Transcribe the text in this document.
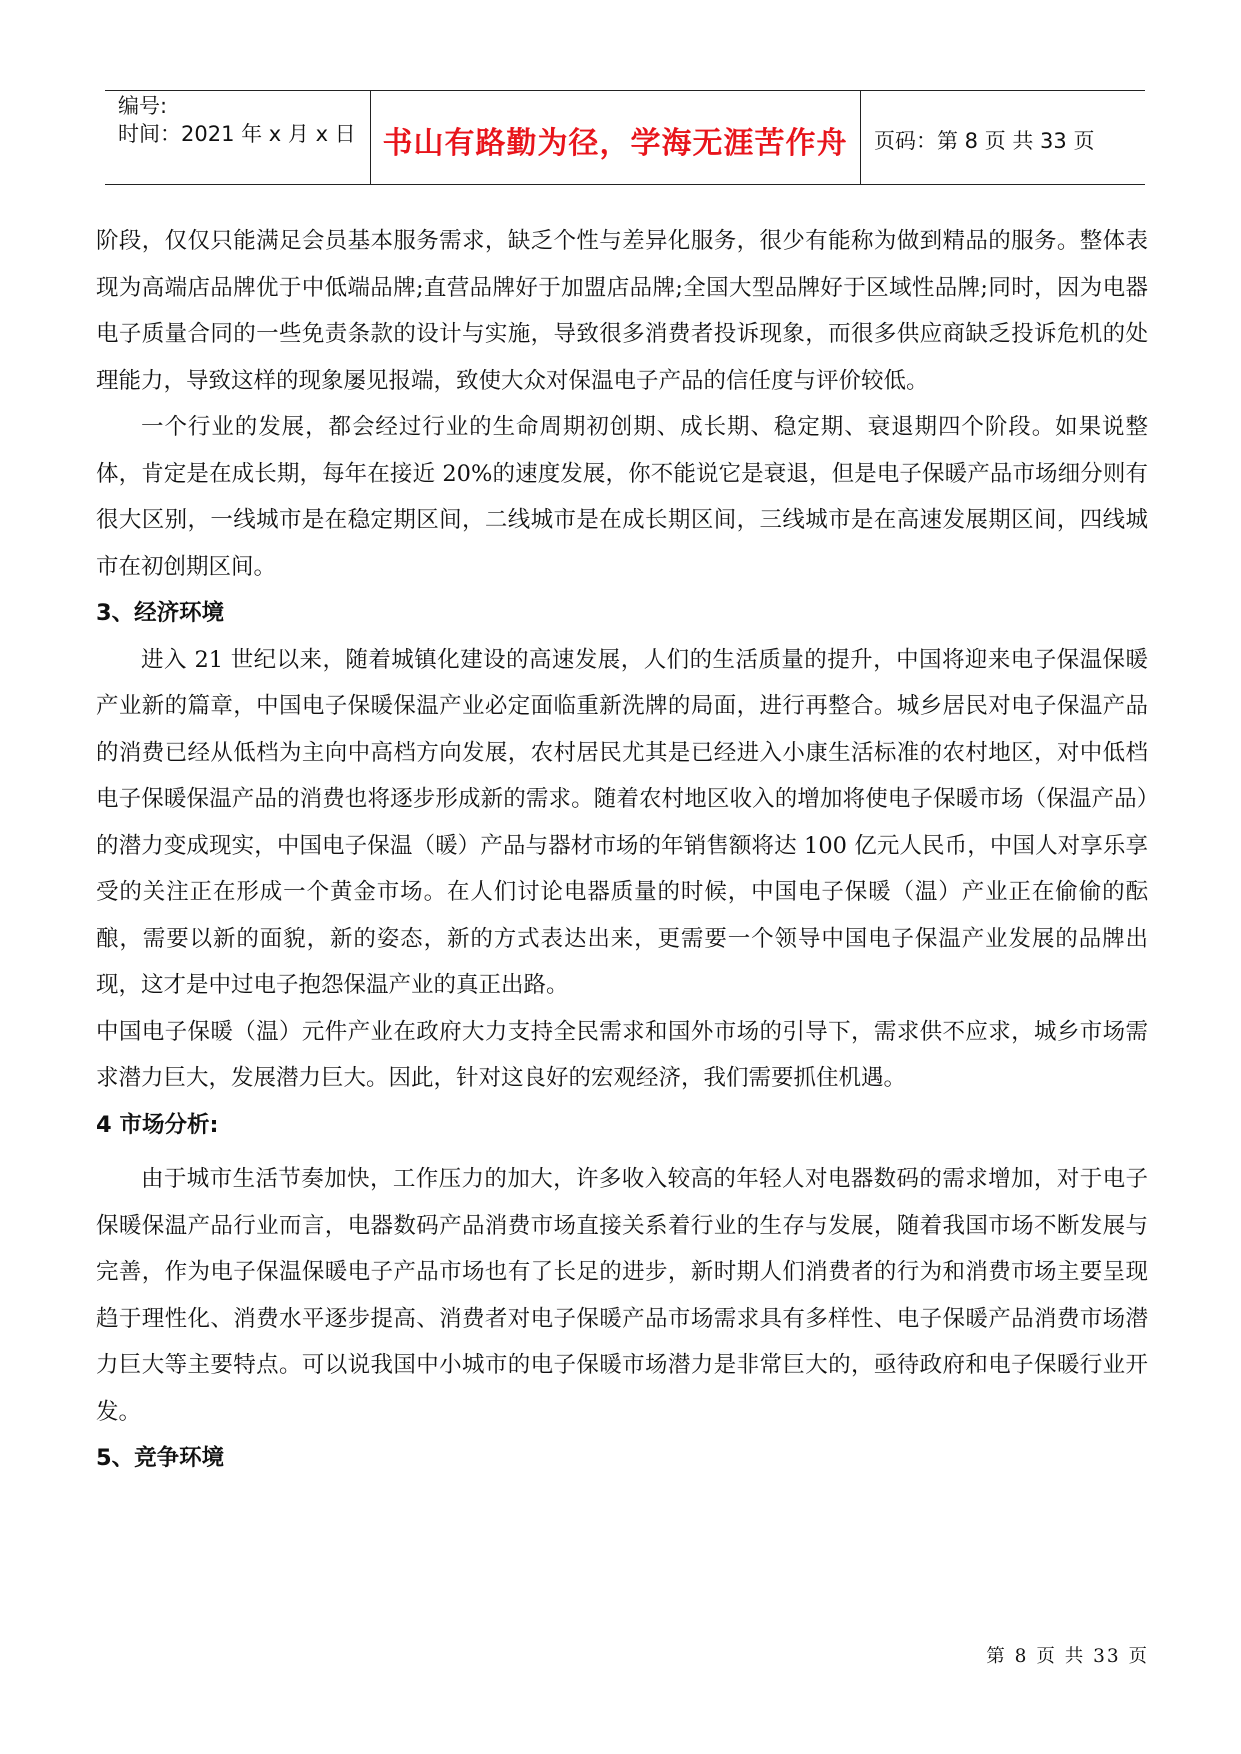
编号:
时间：2021 年 x 月 x 日 书山有路勤为径，学海无涯苦作舟	页码：第 8 页 共 33 页

阶段，仅仅只能满足会员基本服务需求，缺乏个性与差异化服务，很少有能称为做到精品的服务。整体表现为高端店品牌优于中低端品牌;直营品牌好于加盟店品牌;全国大型品牌好于区域性品牌;同时，因为电器电子质量合同的一些免责条款的设计与实施，导致很多消费者投诉现象，而很多供应商缺乏投诉危机的处理能力，导致这样的现象屡见报端，致使大众对保温电子产品的信任度与评价较低。

一个行业的发展，都会经过行业的生命周期初创期、成长期、稳定期、衰退期四个阶段。如果说整体，肯定是在成长期，每年在接近 20%的速度发展，你不能说它是衰退，但是电子保暖产品市场细分则有很大区别，一线城市是在稳定期区间，二线城市是在成长期区间，三线城市是在高速发展期区间，四线城市在初创期区间。

3、经济环境

进入 21 世纪以来，随着城镇化建设的高速发展，人们的生活质量的提升，中国将迎来电子保温保暖产业新的篇章，中国电子保暖保温产业必定面临重新洗牌的局面，进行再整合。城乡居民对电子保温产品的消费已经从低档为主向中高档方向发展，农村居民尤其是已经进入小康生活标准的农村地区，对中低档电子保暖保温产品的消费也将逐步形成新的需求。随着农村地区收入的增加将使电子保暖市场（保温产品）的潜力变成现实，中国电子保温（暖）产品与器材市场的年销售额将达 100 亿元人民币，中国人对享乐享受的关注正在形成一个黄金市场。在人们讨论电器质量的时候，中国电子保暖（温）产业正在偷偷的酝酿，需要以新的面貌，新的姿态，新的方式表达出来，更需要一个领导中国电子保温产业发展的品牌出现，这才是中过电子抱怨保温产业的真正出路。

中国电子保暖（温）元件产业在政府大力支持全民需求和国外市场的引导下，需求供不应求，城乡市场需求潜力巨大，发展潜力巨大。因此，针对这良好的宏观经济，我们需要抓住机遇。

4 市场分析:

由于城市生活节奏加快，工作压力的加大，许多收入较高的年轻人对电器数码的需求增加，对于电子保暖保温产品行业而言，电器数码产品消费市场直接关系着行业的生存与发展，随着我国市场不断发展与完善，作为电子保温保暖电子产品市场也有了长足的进步，新时期人们消费者的行为和消费市场主要呈现趋于理性化、消费水平逐步提高、消费者对电子保暖产品市场需求具有多样性、电子保暖产品消费市场潜力巨大等主要特点。可以说我国中小城市的电子保暖市场潜力是非常巨大的，亟待政府和电子保暖行业开发。

5、竞争环境
第 8 页 共 33 页
